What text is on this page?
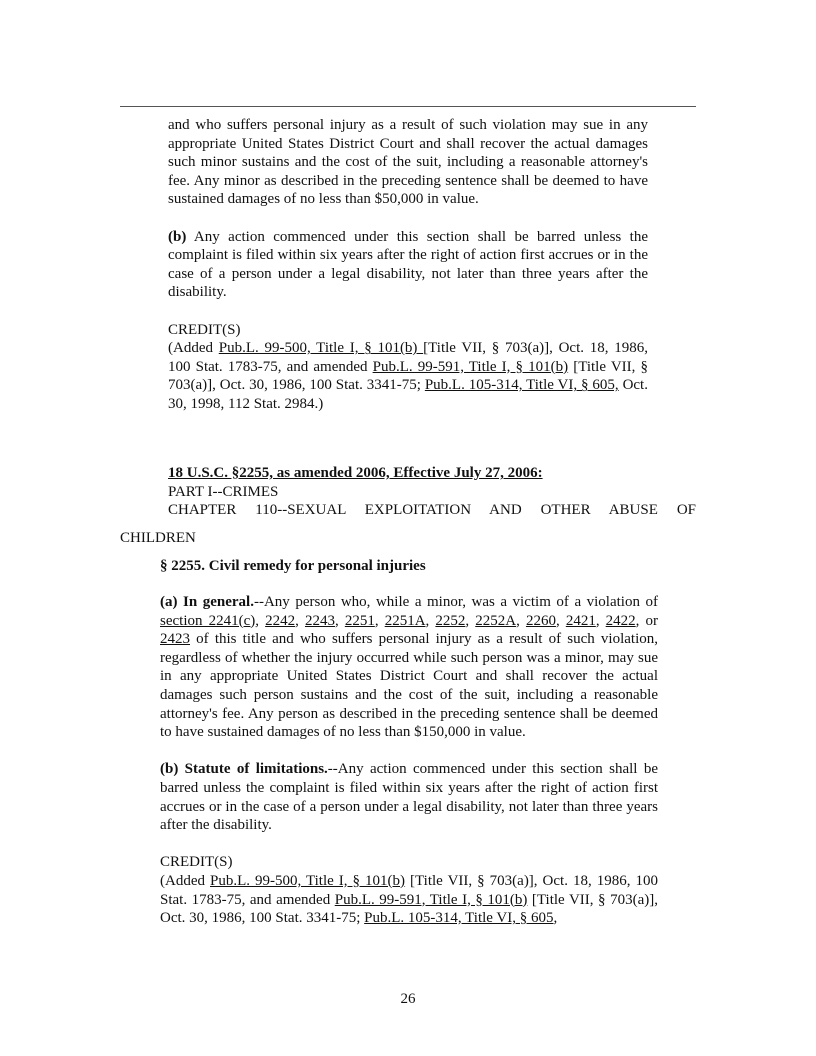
and who suffers personal injury as a result of such violation may sue in any appropriate United States District Court and shall recover the actual damages such minor sustains and the cost of the suit, including a reasonable attorney's fee. Any minor as described in the preceding sentence shall be deemed to have sustained damages of no less than $50,000 in value.

(b) Any action commenced under this section shall be barred unless the complaint is filed within six years after the right of action first accrues or in the case of a person under a legal disability, not later than three years after the disability.

CREDIT(S)

(Added Pub.L. 99-500, Title I, § 101(b) [Title VII, § 703(a)], Oct. 18, 1986, 100 Stat. 1783-75, and amended Pub.L. 99-591, Title I, § 101(b) [Title VII, § 703(a)], Oct. 30, 1986, 100 Stat. 3341-75; Pub.L. 105-314, Title VI, § 605, Oct. 30, 1998, 112 Stat. 2984.)

18 U.S.C. §2255, as amended 2006, Effective July 27, 2006:

PART I--CRIMES

CHAPTER 110--SEXUAL EXPLOITATION AND OTHER ABUSE OF

CHILDREN

§ 2255. Civil remedy for personal injuries

(a) In general.--Any person who, while a minor, was a victim of a violation of section 2241(c), 2242, 2243, 2251, 2251A, 2252, 2252A, 2260, 2421, 2422, or 2423 of this title and who suffers personal injury as a result of such violation, regardless of whether the injury occurred while such person was a minor, may sue in any appropriate United States District Court and shall recover the actual damages such person sustains and the cost of the suit, including a reasonable attorney's fee. Any person as described in the preceding sentence shall be deemed to have sustained damages of no less than $150,000 in value.

(b) Statute of limitations.--Any action commenced under this section shall be barred unless the complaint is filed within six years after the right of action first accrues or in the case of a person under a legal disability, not later than three years after the disability.

CREDIT(S)

(Added Pub.L. 99-500, Title I, § 101(b) [Title VII, § 703(a)], Oct. 18, 1986, 100 Stat. 1783-75, and amended Pub.L. 99-591, Title I, § 101(b) [Title VII, § 703(a)], Oct. 30, 1986, 100 Stat. 3341-75; Pub.L. 105-314, Title VI, § 605,

26
